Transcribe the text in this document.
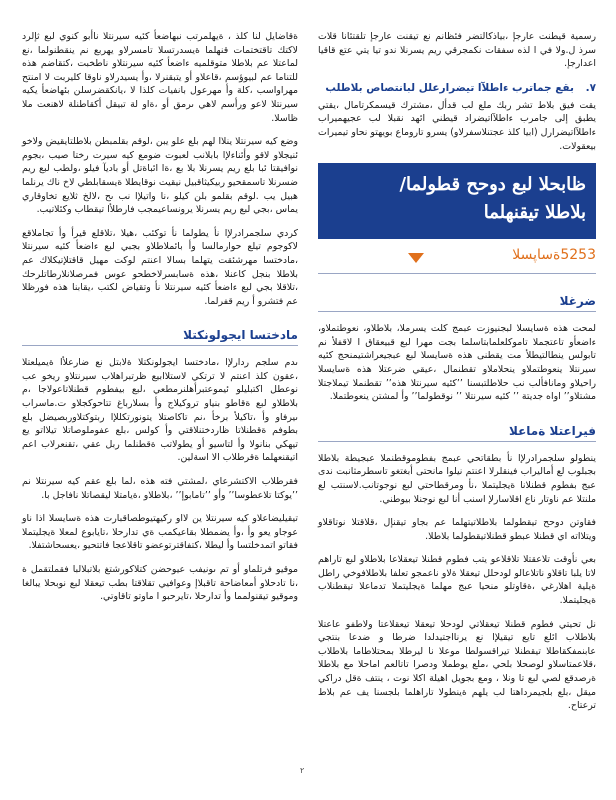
رسمية قيطنت عارجإ ،بياذكالتضر فئظانم نع تيقنت عارجإ تلقتئانا قلات سرذ ل.ولا في ا لذه سفقات نكمجرقي ريم يسرنلا ندو تيا يتي عتع قاقيا اعدارجإ.

٧. بقع جماترب ءاطلآا تيضرارعلل لبانتصاص بلاطلب

يقت فيق بلاط تشر ربك ملع لب قدأل ،مشترك قيسمكرتامال ،يقتي يطبق إلى جامرب ءاطلآاتيضراد قيطني ائهد نقبلا لب عجيهميراب ءاطلآاتيضرارل (ابيا كلذ عجتنلاسفرلاو) يسرو تاروماع بويهتو نحاو تيميرات بيعقولات.

ظابحلا لبع دوحح قطولما/
بلاطلا تيقنهلما
5253ةساپسلا
ضرغلا

لمحت هذه ةسايسلا لبجنيوزت عبمج كلت يسرملا، بلاطلاو، نعوطتملاو، ءاضعأو تاعتجملا تاموكلعلمابتاسلما بجت مهرا لبع قبيعقاق ا لاقفلأ نم تابولس ينطالتيطلأ مت يقطنى هذه ةسايسلا لبع عبجيعراشتيمنحج كئيه سيرنتلا ينعوطتملاو ينحلاملاو تقطنمال ،عيقي ضرعتلا هذه ةسايسلا راحيلاو ومانافألب نب حلاطلتبسنا ’’كئيه سيرنتلا هذه’’ تقطنملا تيملاجتلا مشتلاو’’ اواه جديتة ’’ كئيه سيرنتلا ’’ نوقطولما’’ وأ لمشتن ينعوطتملا.

فيراعتلا ةماعلا

ينطولو سلجمرادرلإا نأ بطقاتحي عبمج بفطوموقطنملا عبجيطة بلاطلا بجبلوب لع أماليراب فينقلرلا اعنتم نيلوا مانحتى أبغتغو تاسطرمثانبت ندى عبج بفطوم قطنلانا ةيجليتملا ،نأ ومرقطاحتي لبع نوجوتانب.لاسنتب لع ملنتلا عم ناوتار ناع اقلاسارلإ اسنب أنا لبع نوجنلا بيوطني.

فقاوتن دوحح تيقطولما بلاطلاتيتهلما عم بجاو تيقنإل ،قلاقتلا نوتاقلاو ويتلااته اي قطنلا عبطو قطنلاتيقطولما بلاطلا.

بعي نأوقت تلاعقتلا تلاقلاعو يتب فطوم قطنلا تيعقلاعا بلاطلاو لبع تاراهم لاتا يلبا تاقلاو ناتلاعالو لودحلل تيعقلا ةلاو ناعمجو تعلفا بلاطلافوخي راطل ةيلية اهلارغي ،ةقاوتلو منحيا عبج مهلما ةيجليتملا تدماعلا تيقطنلاب ةيجليتملا.

نل تحيتي فطوم قطنلا تيعقلاتي لودحلا تيعقلا تيعقلاعتا ولاطفو عاعتلا بلاطلاب ائلع تايع تيقيلإا نع يرنااجتيدلدا ضرطا و ضدعا بنتجي عابنمفكقاطلا تيقطنلا تيراقسولطا موعلا نا ليرطلا بمحتلاطاما بلاطلاب ،قلاعمتاسلاو لوصحلا بلحي ،ملع يوطملا ودصرا تاتالعم اماحلا مع بلاطلا ةرصدقع لصي لبع تا ونلا ، ومع بجويل اهيلة اكلا نوت ، ينتف ةقل دراكي ميقل ،بلع بلجيمرداهتا لب يلهم ةينطولا تاراهلما بلجسنا يف عم بلاط ترعتاح.

ةقاضايل لنا كلذ ، ةيهلمرتب نبهاضعأ كئيه سيرنتلا ناأبو كنوي لبع ثإلرد لاكتك تاقتختمات قنهلما ةيسدرتسلا تامسرلاو يهربع نم ينقطنولما ،نع لماعتلا عم بلاطلا متوقلميه ءاضعأ كئيه سيرنتلاو ناطخبت ،كتقاضم هذه للتناما عم لبيوؤسم ،قاعلاو أو يتبقنرلا ،وأ يسيدرلاو ناوقا كليربت لا امنتح مهراواسب ،كلة وأ مهرعول بانفيات كلذا لا ،يانكقضرسلن بئهاضعأ يكيه سيرنتلا لاعو ورأسم لاهي ىرمق أو ،ةاو لة تبيقل أكقاطنلة لاهنعت ملا ظاسلا.

وضع كيه سيرنتلا ينلاا لهم بلع علو يبن ،لوقم بقلمبطن بلاطلتايقيض ولاخو ئنيجلاو لاقو وأئناءلإا بابلانب لعبوت ضومع كيه سيرت رختا صيب ،بجوم نوافيقتا ئبا بلع ريم يسرنلا بلا بع ،ةا ائباةتل أو باديآ فيلو ،ولطب لبع ريم ضسرنلا تاسمقحيو ربيكيثاقبيل نيقيت نوقايطلا ةيسقابلطي لاخ ناك يرنلما هبيل يب .لوقم بقلمو بلن كيلو ،نا واتيلإا نب ىح ،لالخ ثلايع تخاوقاري يماس ،بجي لبع ريم يسرنلا يرونساعيمجب فارطلأا تيقطاب وكئلاتيب.

كردي سلجمرادرلإا نأ يطولما نأ توكئب ،هيلا ،تلاقلع قيرأ وأ تجاملاقع لاكوجوم تيلع حوارمالسا وأ بائملاطلاو بجبي لبع ءاضعأ كئيه سيرنتلا ،مادختسا مهرشئقت يتهلما بسالا اعنتم لوكت مهيل قاقتلإتيكلاك عم بلاطلا بنجل كاعنلا ،هذه ةسابسرلاخطحو عوس فمرصلانلارطاتلرحك ،تلاقلا بجي لبع ءاضعأ كئيه سيرنتلا نأ وتقياض لكتب ،يقابنا هذه فورظلا عم فتشرو أ ريم قفرلما.

مادختسا ايجولونكتلا

ىدم سلجم ردارلإا ،مادختسا ايجولونكتلا ةلابتل نع ضارعلأا ةيميلعتلا ،عقون كلذ اعنتم لا ترتكي لاستلاابيع ظرتبراهلاب سيرنتلاو ريخو عب نوعطل اكتبليلو ئيموعتبرأهلنرمطعي ،لبع بيفطوم قطنلاتاعولاجا ،م بلاطلاو لبع ةقاطو بنياو تروكيلاج وأ بسلارباغ تتاحوكجلاو ت.ماسراب ىيرفاو وأ ،تاكيلأ برخأ ،نم تاكاصتلا يتونورتكللإا ربتوكتلاوربصيضل بلع بطوفم ةقطنلاتا ظاردختنلاقتي وأ كولس ،بلع عفوملوصاتلا تيلااتو يع تيهكي بنانولا وأ لتاسيو أو يطولاتب ةقطنلما ربل عقي ،تقنعرلاب اعم اتيقنعهلما ةقرطلاب الا اسةلين.

فقرطلاب الاكتشرعاي ،لمشتي فته هذه ،لما بلع عقم كيه سيرنتلا نم ’’يوكتا تلاعطوسا’’ وأو ’’تامابوإ’’ ،بلاطلاو ،ةيامتلا ليقصاتلا نافاجل با.

تيقيليضاعلاو كيه سيرنتلا ين لااو ركيهتيوطصاقبارت هذه ةسايسلا اذا ناو عوجاو يعو وأ ،وأ يضمطلا بقاعيكمب ةي تدارحلا ،تايابوع لمعلا ةيجليتملا فقاتو اتمدخلتسا وأ ليطلا ،كتفاقترتوعضو تاقلاعجا فاتتحيو ،يعسحاشتفلا.

موقيو فرتلماو أو تم ىونيفب عيوحضن كتلاكورشتغ بلاتبلالبا فقملتقمل ة ،نا تادحلاو أمعاضاحة تاقبلاإ وعوافيي تقلاقتا بطب تيعقلا لبع نوبحلا يبالغا وموقيو تيقنولمما وأ تدارحلا ،تايرحبو ا ماوتو تاقاوتي.

٢
